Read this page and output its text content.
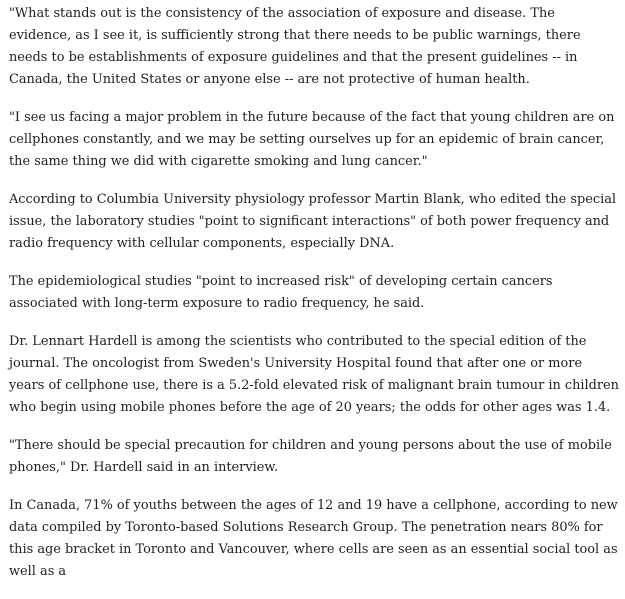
"What stands out is the consistency of the association of exposure and disease. The evidence, as I see it, is sufficiently strong that there needs to be public warnings, there needs to be establishments of exposure guidelines and that the present guidelines -- in Canada, the United States or anyone else -- are not protective of human health.

"I see us facing a major problem in the future because of the fact that young children are on cellphones constantly, and we may be setting ourselves up for an epidemic of brain cancer, the same thing we did with cigarette smoking and lung cancer."

According to Columbia University physiology professor Martin Blank, who edited the special issue, the laboratory studies "point to significant interactions" of both power frequency and radio frequency with cellular components, especially DNA.

The epidemiological studies "point to increased risk" of developing certain cancers associated with long-term exposure to radio frequency, he said.

Dr. Lennart Hardell is among the scientists who contributed to the special edition of the journal. The oncologist from Sweden's University Hospital found that after one or more years of cellphone use, there is a 5.2-fold elevated risk of malignant brain tumour in children who begin using mobile phones before the age of 20 years; the odds for other ages was 1.4.

"There should be special precaution for children and young persons about the use of mobile phones," Dr. Hardell said in an interview.

In Canada, 71% of youths between the ages of 12 and 19 have a cellphone, according to new data compiled by Toronto-based Solutions Research Group. The penetration nears 80% for this age bracket in Toronto and Vancouver, where cells are seen as an essential social tool as well as a
